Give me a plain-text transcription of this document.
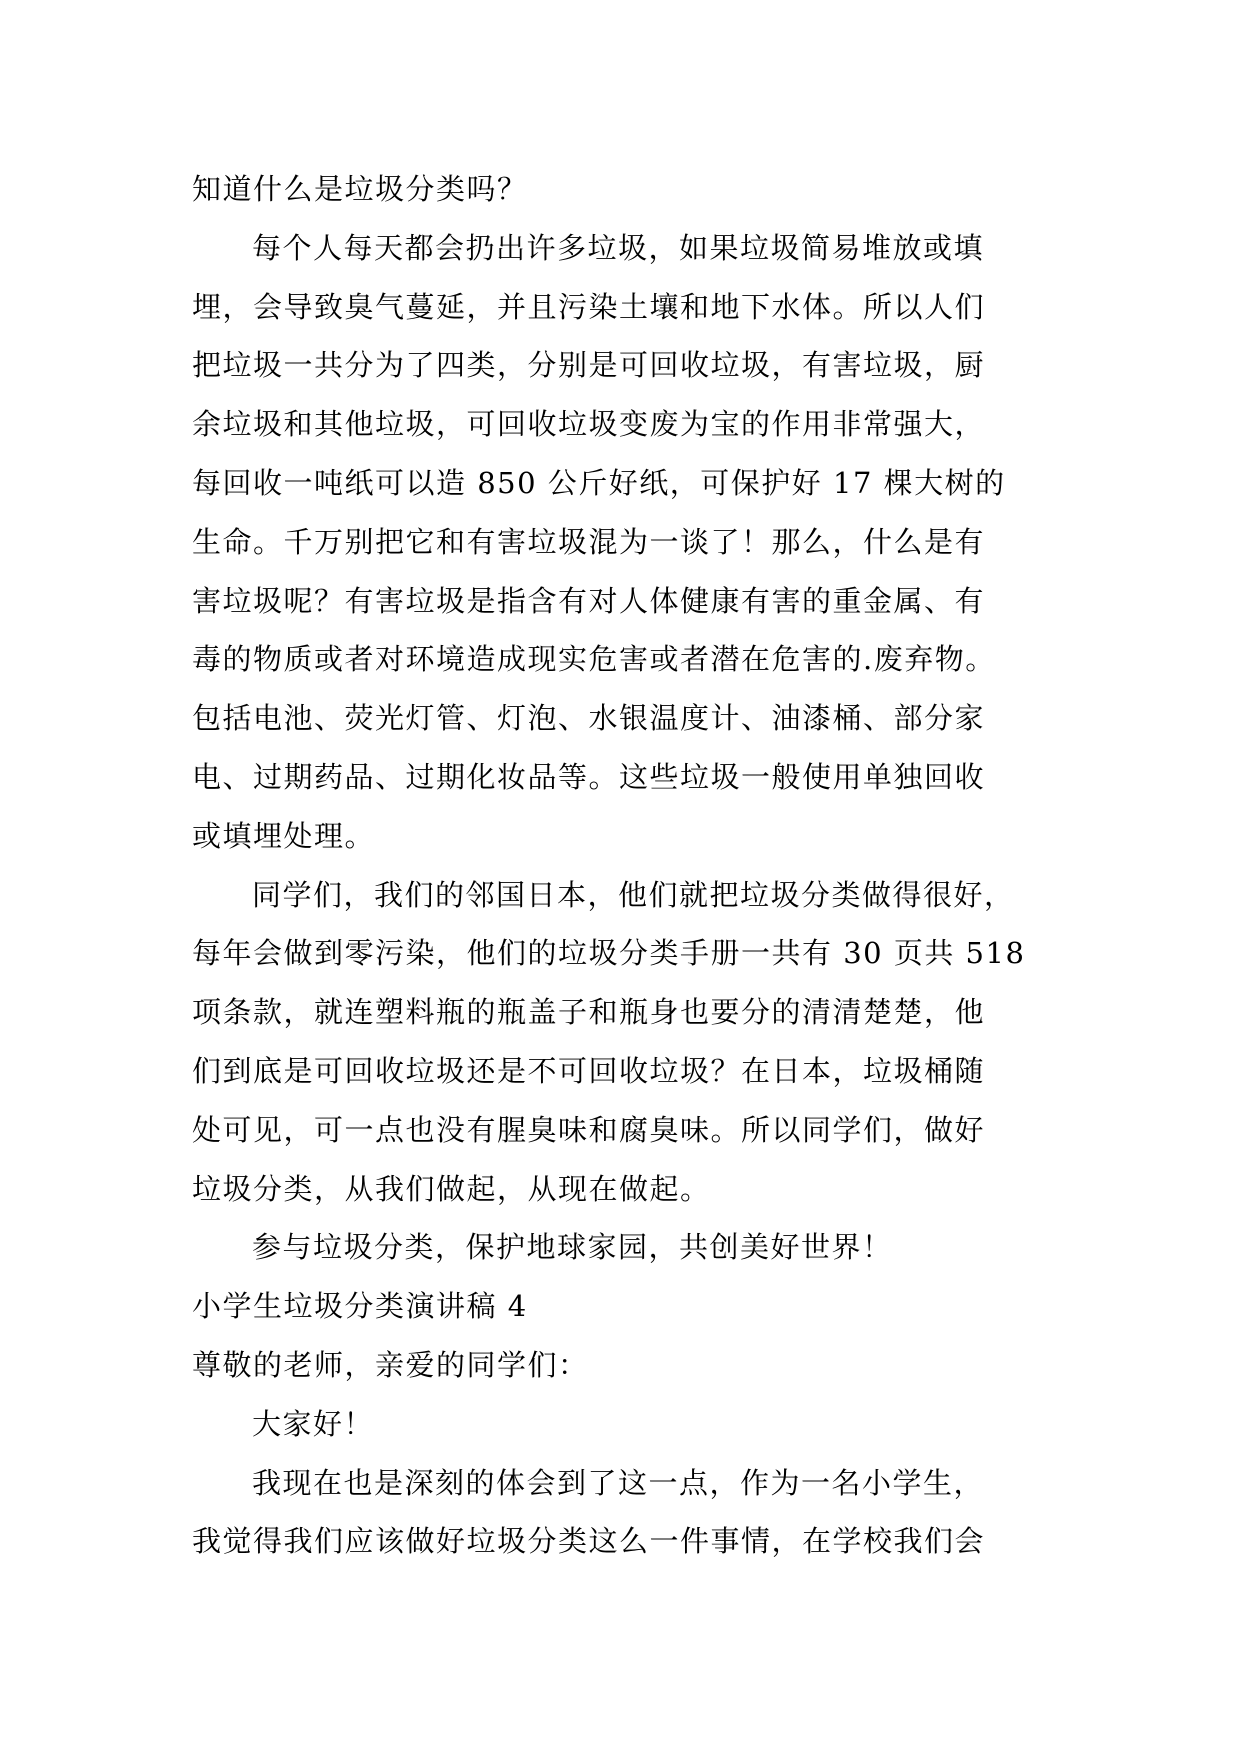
知道什么是垃圾分类吗？

每个人每天都会扔出许多垃圾，如果垃圾简易堆放或填

埋，会导致臭气蔓延，并且污染土壤和地下水体。所以人们

把垃圾一共分为了四类，分别是可回收垃圾，有害垃圾，厨

余垃圾和其他垃圾，可回收垃圾变废为宝的作用非常强大，

每回收一吨纸可以造 850 公斤好纸，可保护好 17 棵大树的

生命。千万别把它和有害垃圾混为一谈了！那么，什么是有

害垃圾呢？有害垃圾是指含有对人体健康有害的重金属、有

毒的物质或者对环境造成现实危害或者潜在危害的.废弃物。

包括电池、荧光灯管、灯泡、水银温度计、油漆桶、部分家

电、过期药品、过期化妆品等。这些垃圾一般使用单独回收

或填埋处理。

同学们，我们的邻国日本，他们就把垃圾分类做得很好，

每年会做到零污染，他们的垃圾分类手册一共有 30 页共 518

项条款，就连塑料瓶的瓶盖子和瓶身也要分的清清楚楚，他

们到底是可回收垃圾还是不可回收垃圾？在日本，垃圾桶随

处可见，可一点也没有腥臭味和腐臭味。所以同学们，做好

垃圾分类，从我们做起，从现在做起。

参与垃圾分类，保护地球家园，共创美好世界！

小学生垃圾分类演讲稿 4

尊敬的老师，亲爱的同学们：

大家好！

我现在也是深刻的体会到了这一点，作为一名小学生，

我觉得我们应该做好垃圾分类这么一件事情，在学校我们会
